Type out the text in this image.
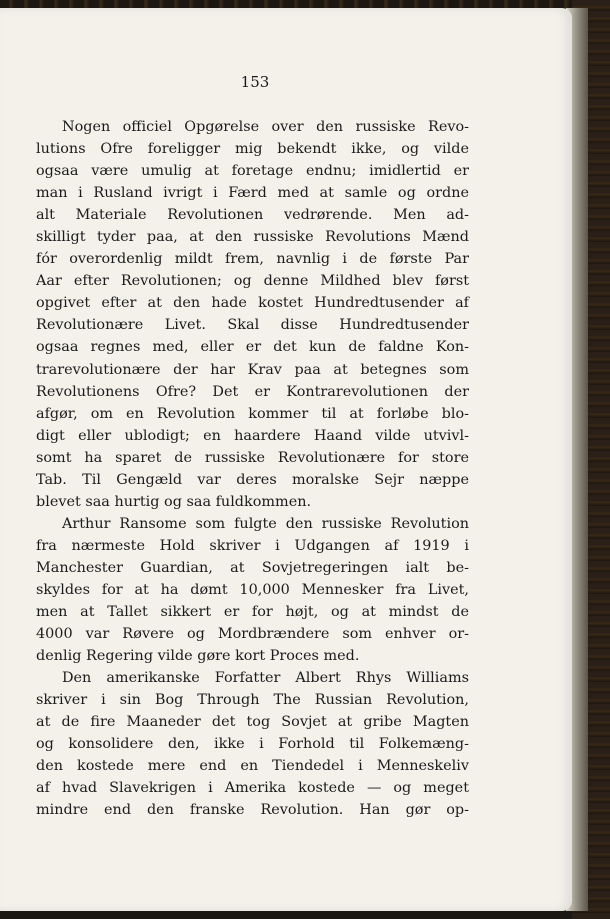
153
Nogen officiel Opgørelse over den russiske Revo-
lutions Ofre foreligger mig bekendt ikke, og vilde
ogsaa være umulig at foretage endnu; imidlertid er
man i Rusland ivrigt i Færd med at samle og ordne
alt Materiale Revolutionen vedrørende. Men ad-
skilligt tyder paa, at den russiske Revolutions Mænd
fór overordenlig mildt frem, navnlig i de første Par
Aar efter Revolutionen; og denne Mildhed blev først
opgivet efter at den hade kostet Hundredtusender af
Revolutionære Livet. Skal disse Hundredtusender
ogsaa regnes med, eller er det kun de faldne Kon-
trarevolutionære der har Krav paa at betegnes som
Revolutionens Ofre? Det er Kontrarevolutionen der
afgør, om en Revolution kommer til at forløbe blo-
digt eller ublodigt; en haardere Haand vilde utvivl-
somt ha sparet de russiske Revolutionære for store
Tab. Til Gengæld var deres moralske Sejr næppe
blevet saa hurtig og saa fuldkommen.
Arthur Ransome som fulgte den russiske Revolution
fra nærmeste Hold skriver i Udgangen af 1919 i
Manchester Guardian, at Sovjetregeringen ialt be-
skyldes for at ha dømt 10,000 Mennesker fra Livet,
men at Tallet sikkert er for højt, og at mindst de
4000 var Røvere og Mordbrændere som enhver or-
denlig Regering vilde gøre kort Proces med.
Den amerikanske Forfatter Albert Rhys Williams
skriver i sin Bog Through The Russian Revolution,
at de fire Maaneder det tog Sovjet at gribe Magten
og konsolidere den, ikke i Forhold til Folkemæng-
den kostede mere end en Tiendedel i Menneskeliv
af hvad Slavekrigen i Amerika kostede — og meget
mindre end den franske Revolution. Han gør op-
